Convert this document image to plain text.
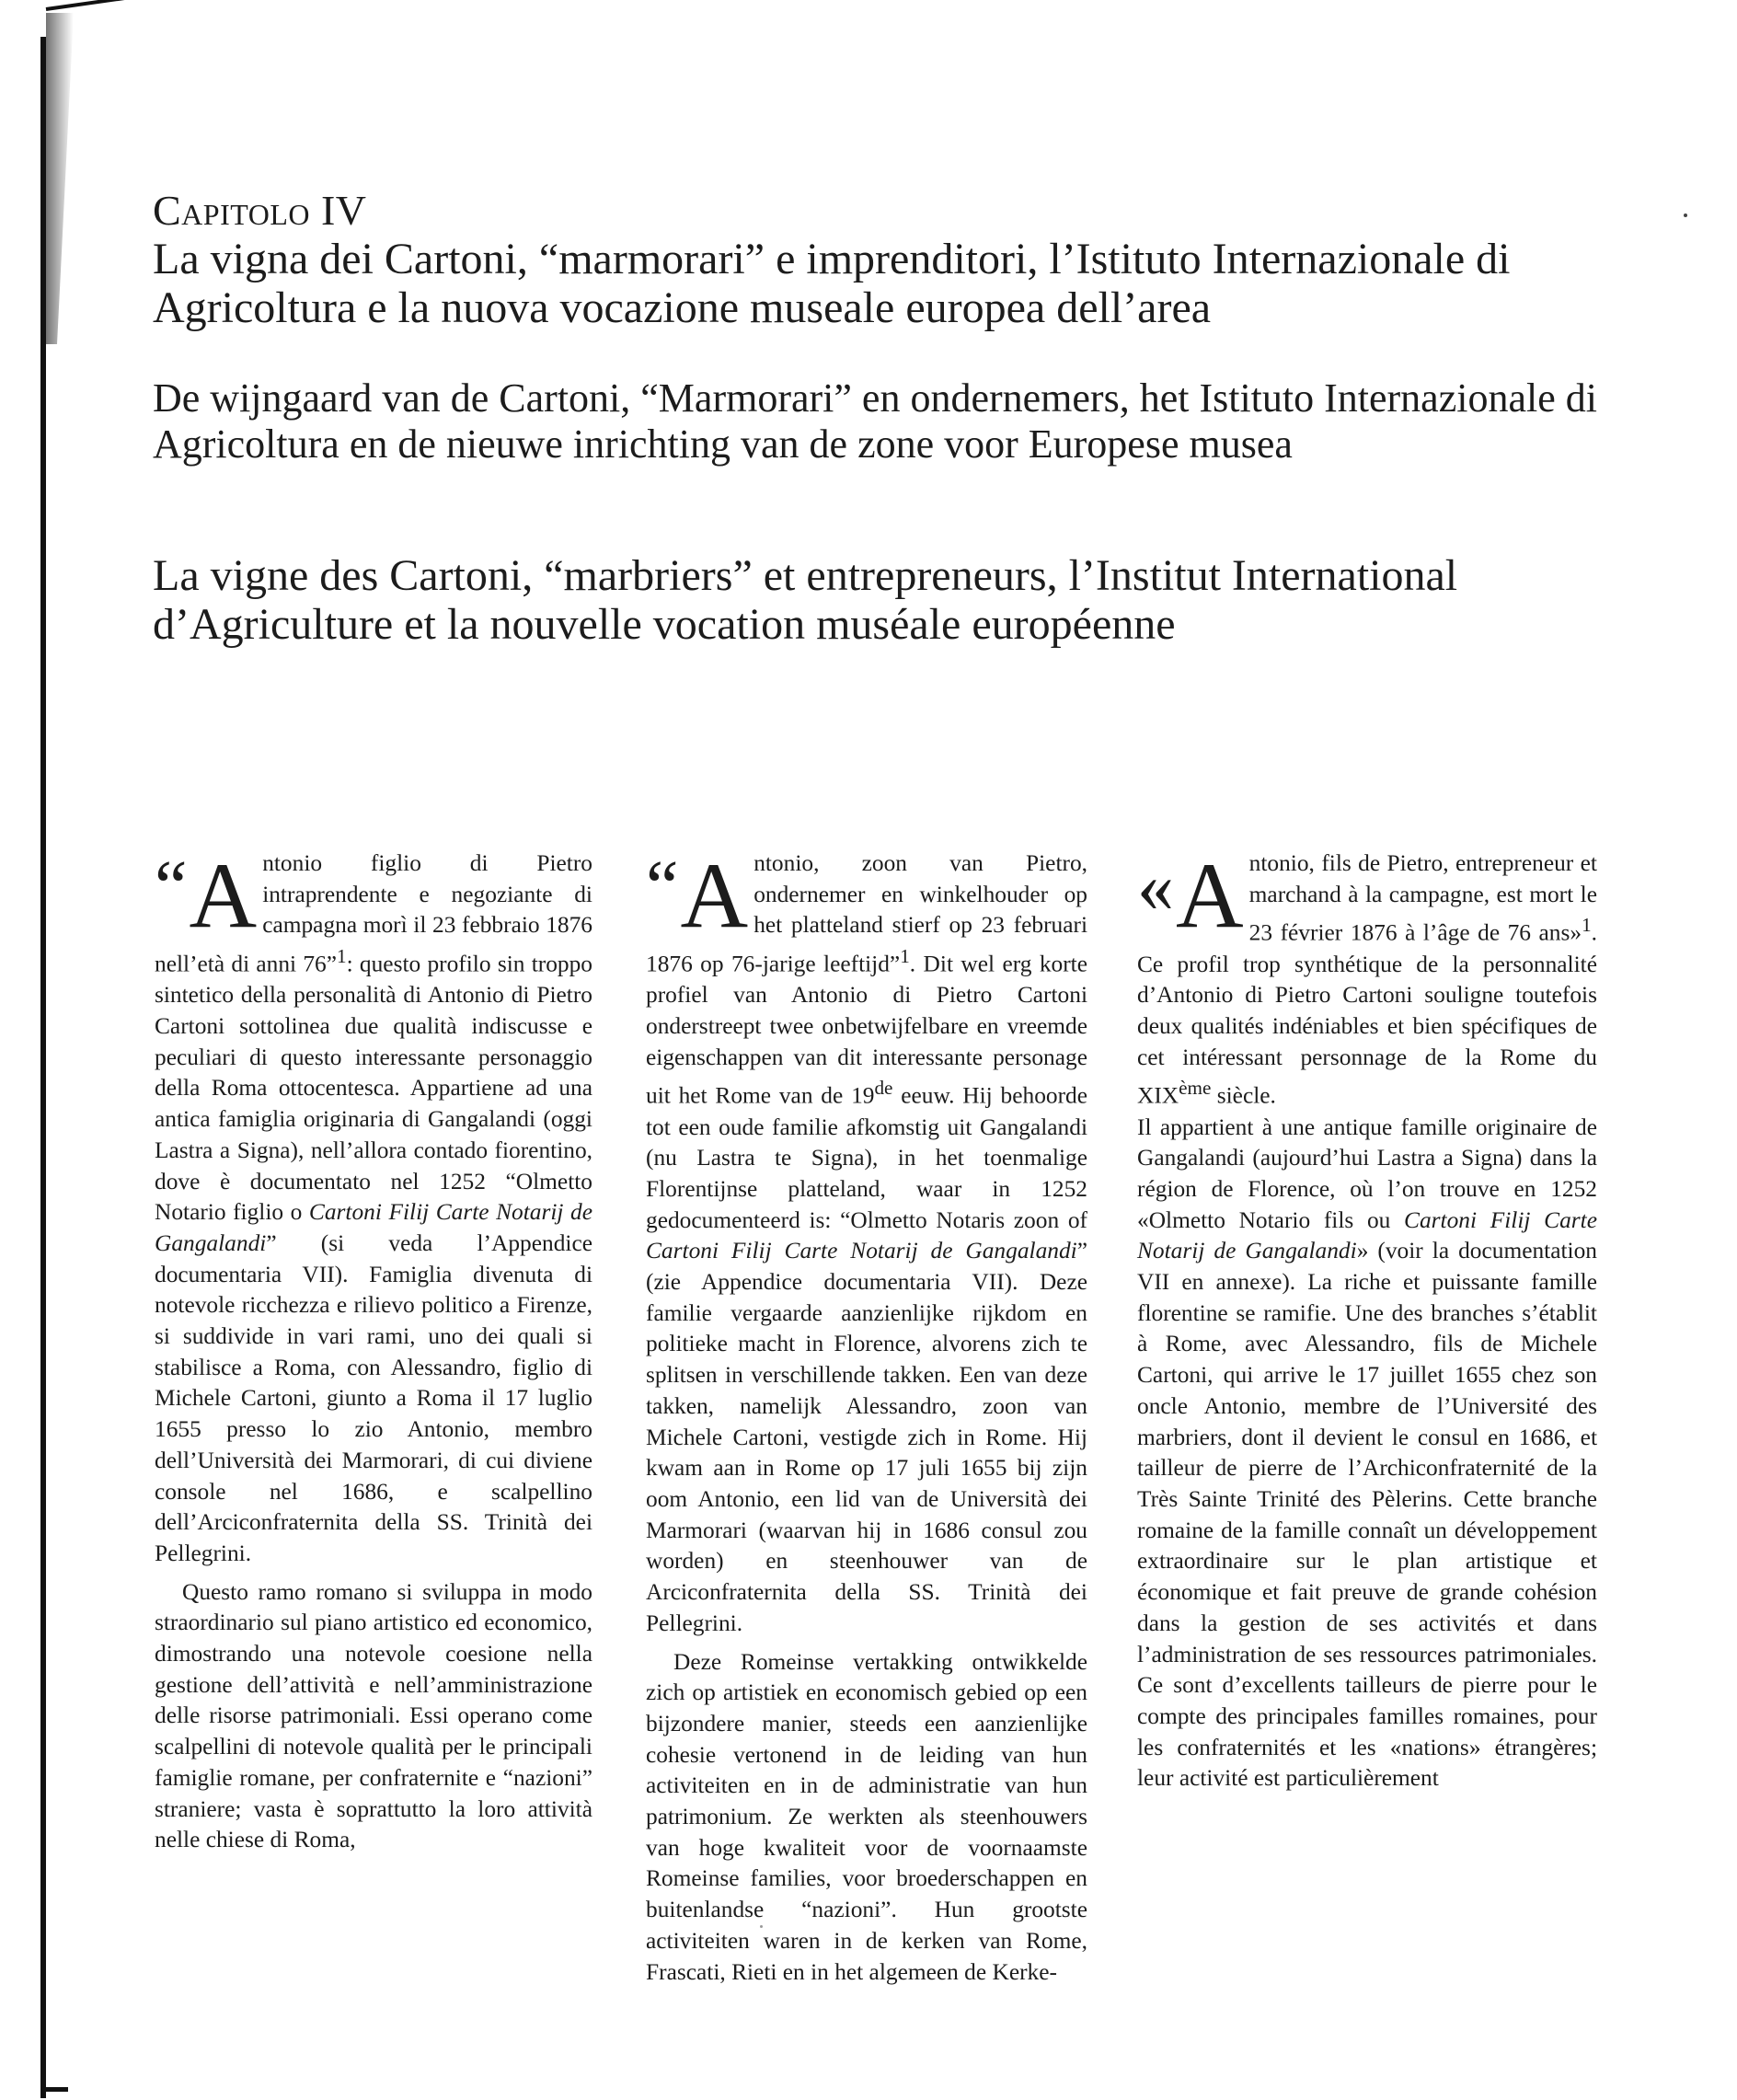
Capitolo IV
La vigna dei Cartoni, “marmorari” e imprenditori, l’Istituto Internazionale di Agricoltura e la nuova vocazione museale europea dell’area
De wijngaard van de Cartoni, “Marmorari” en ondernemers, het Istituto Internazionale di Agricoltura en de nieuwe inrichting van de zone voor Europese musea
La vigne des Cartoni, “marbriers” et entrepreneurs, l’Institut International d’Agriculture et la nouvelle vocation muséale européenne

“A ntonio figlio di Pietro intraprendente e negoziante di campagna morì il 23 febbraio 1876 nell’età di anni 76”$^1$: questo profilo sin troppo sintetico della personalità di Antonio di Pietro Cartoni sottolinea due qualità indiscusse e peculiari di questo interessante personaggio della Roma ottocentesca. Appartiene ad una antica famiglia originaria di Gangalandi (oggi Lastra a Signa), nell’allora contado fiorentino, dove è documentato nel 1252 “Olmetto Notario figlio o Cartoni Filij Carte Notarij de Gangalandi” (si veda l’Appendice documentaria VII). Famiglia divenuta di notevole ricchezza e rilievo politico a Firenze, si suddivide in vari rami, uno dei quali si stabilisce a Roma, con Alessandro, figlio di Michele Cartoni, giunto a Roma il 17 luglio 1655 presso lo zio Antonio, membro dell’Università dei Marmorari, di cui diviene console nel 1686, e scalpellino dell’Arciconfraternita della SS. Trinità dei Pellegrini.

Questo ramo romano si sviluppa in modo straordinario sul piano artistico ed economico, dimostrando una notevole coesione nella gestione dell’attività e nell’amministrazione delle risorse patrimoniali. Essi operano come scalpellini di notevole qualità per le principali famiglie romane, per confraternite e “nazioni” straniere; vasta è soprattutto la loro attività nelle chiese di Roma,

“A ntonio, zoon van Pietro, ondernemer en winkelhouder op het platteland stierf op 23 februari 1876 op 76-jarige leeftijd”$^1$. Dit wel erg korte profiel van Antonio di Pietro Cartoni onderstreept twee onbetwijfelbare en vreemde eigenschappen van dit interessante personage uit het Rome van de 19de eeuw. Hij behoorde tot een oude familie afkomstig uit Gangalandi (nu Lastra te Signa), in het toenmalige Florentijnse platteland, waar in 1252 gedocumenteerd is: “Olmetto Notaris zoon of Cartoni Filij Carte Notarij de Gangalandi” (zie Appendice documentaria VII). Deze familie vergaarde aanzienlijke rijkdom en politieke macht in Florence, alvorens zich te splitsen in verschillende takken. Een van deze takken, namelijk Alessandro, zoon van Michele Cartoni, vestigde zich in Rome. Hij kwam aan in Rome op 17 juli 1655 bij zijn oom Antonio, een lid van de Università dei Marmorari (waarvan hij in 1686 consul zou worden) en steenhouwer van de Arciconfraternita della SS. Trinità dei Pellegrini.

Deze Romeinse vertakking ontwikkelde zich op artistiek en economisch gebied op een bijzondere manier, steeds een aanzienlijke cohesie vertonend in de leiding van hun activiteiten en in de administratie van hun patrimonium. Ze werkten als steenhouwers van hoge kwaliteit voor de voornaamste Romeinse families, voor broederschappen en buitenlandse “nazioni”. Hun grootste activiteiten waren in de kerken van Rome, Frascati, Rieti en in het algemeen de Kerke-

«A ntonio, fils de Pietro, entrepreneur et marchand à la campagne, est mort le 23 février 1876 à l’âge de 76 ans»$^1$. Ce profil trop synthétique de la personnalité d’Antonio di Pietro Cartoni souligne toutefois deux qualités indéniables et bien spécifiques de cet intéressant personnage de la Rome du XIXème siècle.

Il appartient à une antique famille originaire de Gangalandi (aujourd’hui Lastra a Signa) dans la région de Florence, où l’on trouve en 1252 «Olmetto Notario fils ou Cartoni Filij Carte Notarij de Gangalandi» (voir la documentation VII en annexe). La riche et puissante famille florentine se ramifie. Une des branches s’établit à Rome, avec Alessandro, fils de Michele Cartoni, qui arrive le 17 juillet 1655 chez son oncle Antonio, membre de l’Université des marbriers, dont il devient le consul en 1686, et tailleur de pierre de l’Archiconfraternité de la Très Sainte Trinité des Pèlerins. Cette branche romaine de la famille connaît un développement extraordinaire sur le plan artistique et économique et fait preuve de grande cohésion dans la gestion de ses activités et dans l’administration de ses ressources patrimoniales. Ce sont d’excellents tailleurs de pierre pour le compte des principales familles romaines, pour les confraternités et les «nations» étrangères; leur activité est particulièrement
